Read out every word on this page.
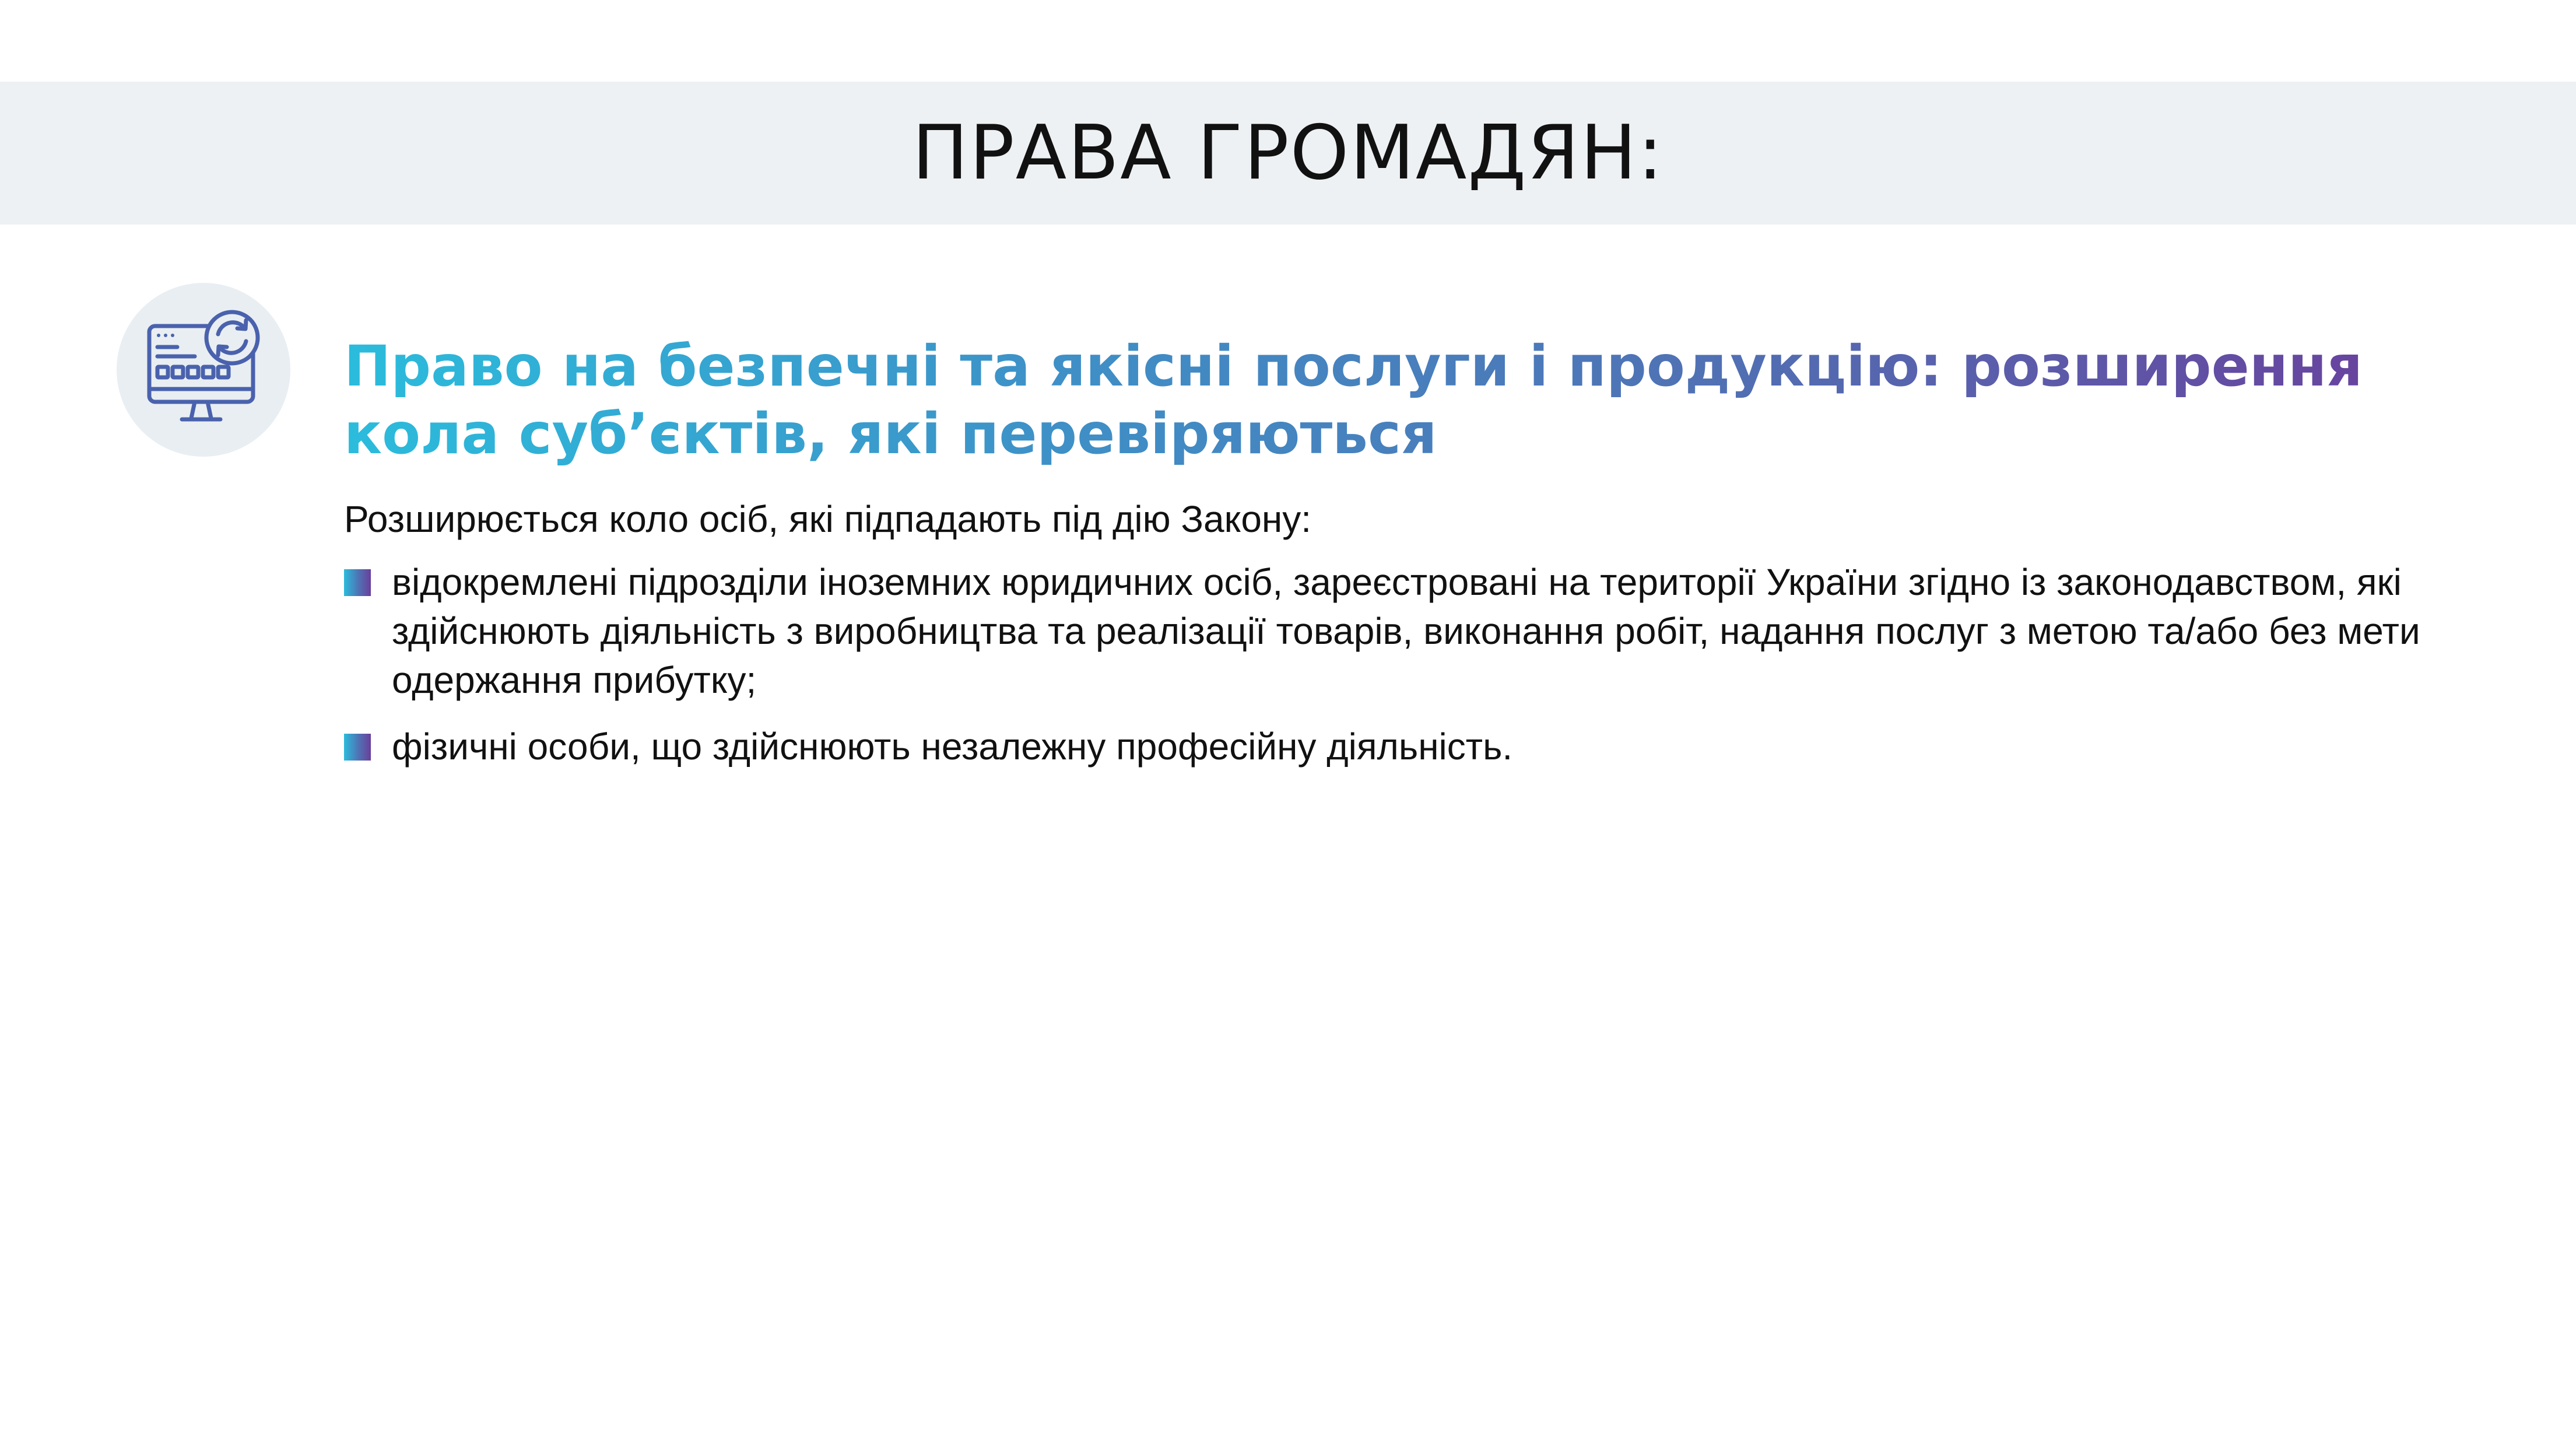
ПРАВА ГРОМАДЯН:
Право на безпечні та якісні послуги і продукцію: розширення кола суб’єктів, які перевіряються
Розширюється коло осіб, які підпадають під дію Закону:
відокремлені підрозділи іноземних юридичних осіб, зареєстровані на території України згідно із законодавством, які здійснюють діяльність з виробництва та реалізації товарів, виконання робіт, надання послуг з метою та/або без мети одержання прибутку;
фізичні особи, що здійснюють незалежну професійну діяльність.
